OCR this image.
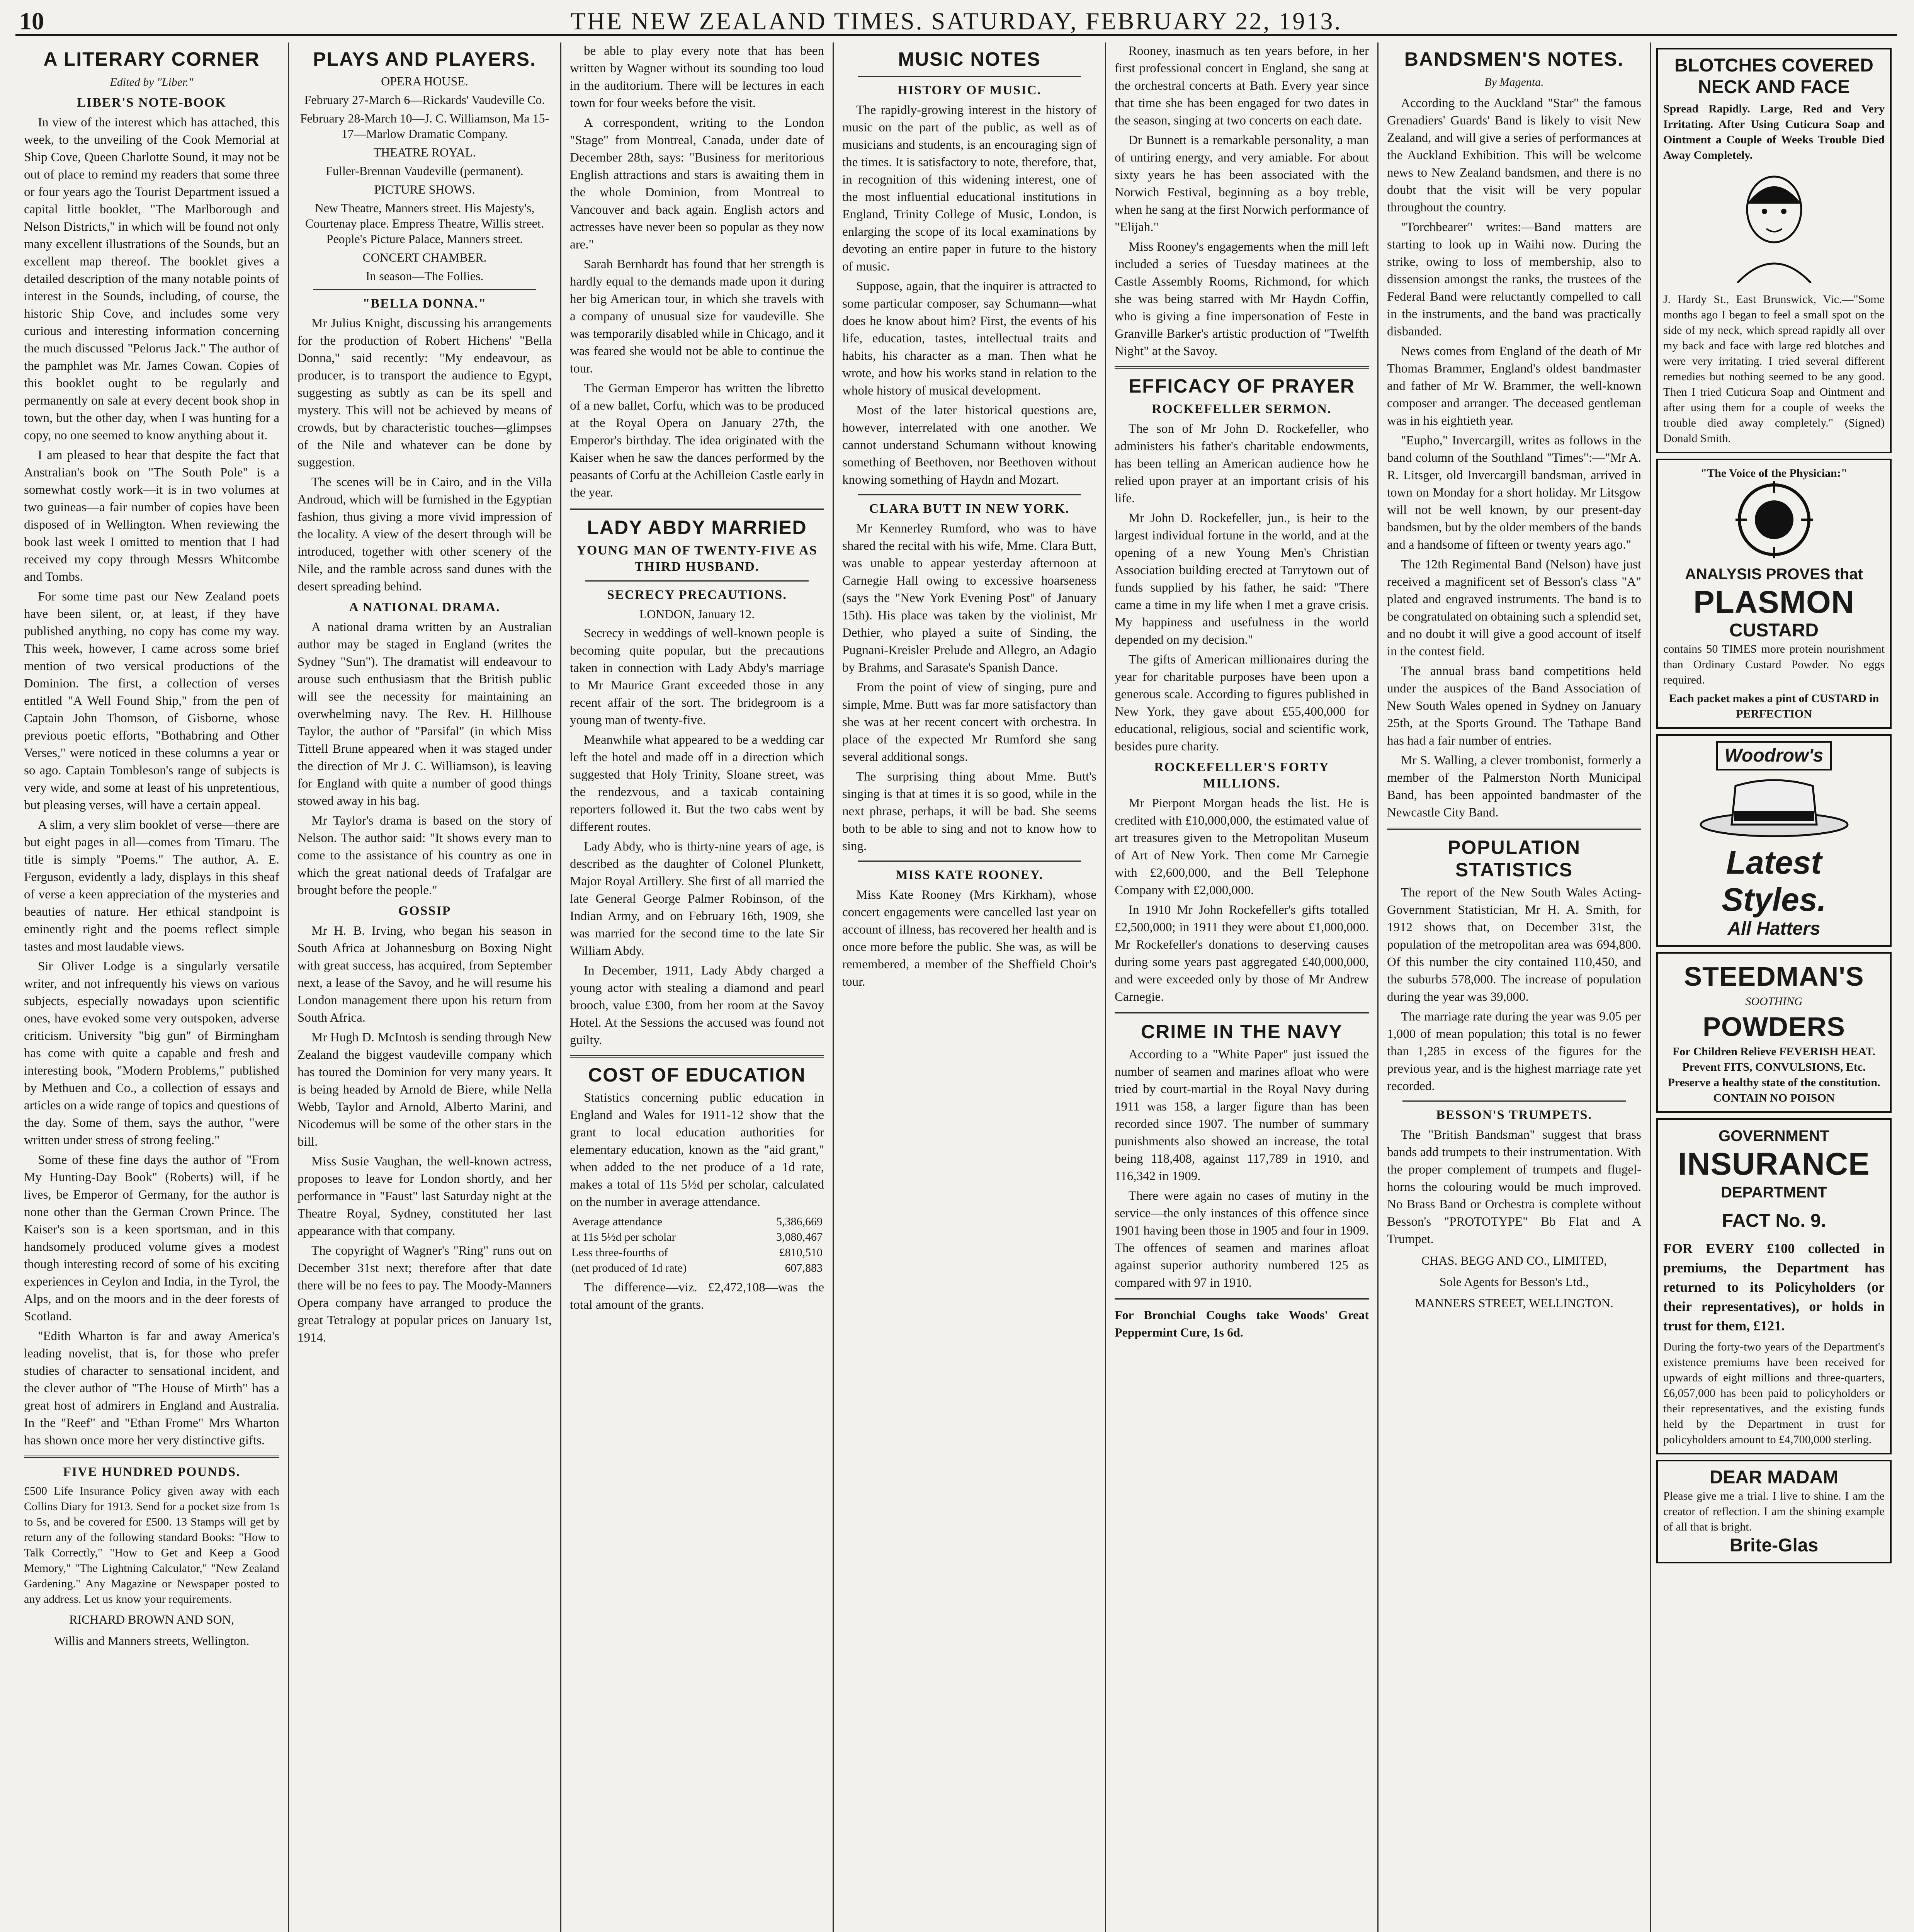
10	THE NEW ZEALAND TIMES. SATURDAY, FEBRUARY 22, 1913.
A LITERARY CORNER
Edited by "Liber."
LIBER'S NOTE-BOOK

In view of the interest which has attached, this week, to the unveiling of the Cook Memorial at Ship Cove, Queen Charlotte Sound, it may not be out of place to remind my readers that some three or four years ago the Tourist Department issued a capital little booklet, "The Marlborough and Nelson Districts," in which will be found not only many excellent illustrations of the Sounds, but an excellent map thereof. The booklet gives a detailed description of the many notable points of interest in the Sounds, including, of course, the historic Ship Cove, and includes some very curious and interesting information concerning the much discussed "Pelorus Jack." The author of the pamphlet was Mr. James Cowan. Copies of this booklet ought to be regularly and permanently on sale at every decent book shop in town, but the other day, when I was hunting for a copy, no one seemed to know anything about it.

I am pleased to hear that despite the fact that Anstralian's book on "The South Pole" is a somewhat costly work—it is in two volumes at two guineas—a fair number of copies have been disposed of in Wellington. When reviewing the book last week I omitted to mention that I had received my copy through Messrs Whitcombe and Tombs.

For some time past our New Zealand poets have been silent, or, at least, if they have published anything, no copy has come my way. This week, however, I came across some brief mention of two versical productions of the Dominion. The first, a collection of verses entitled "A Well Found Ship," from the pen of Captain John Thomson, of Gisborne, whose previous poetic efforts, "Bothabring and Other Verses," were noticed in these columns a year or so ago. Captain Tombleson's range of subjects is very wide, and some at least of his unpretentious, but pleasing verses, will have a certain appeal.

A slim, a very slim booklet of verse—there are but eight pages in all—comes from Timaru. The title is simply "Poems." The author, A. E. Ferguson, evidently a lady, displays in this sheaf of verse a keen appreciation of the mysteries and beauties of nature. Her ethical standpoint is eminently right and the poems reflect simple tastes and most laudable views.

Sir Oliver Lodge is a singularly versatile writer, and not infrequently his views on various subjects, especially nowadays upon scientific ones, have evoked some very outspoken, adverse criticism. University "big gun" of Birmingham has come with quite a capable and fresh and interesting book, "Modern Problems," published by Methuen and Co., a collection of essays and articles on a wide range of topics and questions of the day. Some of them, says the author, "were written under stress of strong feeling."

Some of these fine days the author of "From My Hunting-Day Book" (Roberts) will, if he lives, be Emperor of Germany, for the author is none other than the German Crown Prince. The Kaiser's son is a keen sportsman, and in this handsomely produced volume gives a modest though interesting record of some of his exciting experiences in Ceylon and India, in the Tyrol, the Alps, and on the moors and in the deer forests of Scotland.

"Edith Wharton is far and away America's leading novelist, that is, for those who prefer studies of character to sensational incident, and the clever author of "The House of Mirth" has a great host of admirers in England and Australia. In the "Reef" and "Ethan Frome" Mrs Wharton has shown once more her very distinctive gifts.

FIVE HUNDRED POUNDS.
£500 Life Insurance Policy given away with each Collins Diary for 1913. Send for a pocket size from 1s to 5s, and be covered for £500. 13 Stamps will get by return any of the following standard Books: "How to Talk Correctly," "How to Get and Keep a Good Memory," "The Lightning Calculator," "New Zealand Gardening." Any Magazine or Newspaper posted to any address. Let us know your requirements.
RICHARD BROWN AND SON,
Willis and Manners streets, Wellington.
PLAYS AND PLAYERS.
OPERA HOUSE.
February 27-March 6—Rickards' Vaudeville Co.
February 28-March 10—J. C. Williamson, Ma 15-17—Marlow Dramatic Company.
THEATRE ROYAL.
Fuller-Brennan Vaudeville (permanent).
PICTURE SHOWS.
New Theatre, Manners street. His Majesty's, Courtenay place. Empress Theatre, Willis street. People's Picture Palace, Manners street.
CONCERT CHAMBER.
In season—The Follies.
"BELLA DONNA."

Mr Julius Knight, discussing his arrangements for the production of Robert Hichens' "Bella Donna," said recently: "My endeavour, as producer, is to transport the audience to Egypt, suggesting as subtly as can be its spell and mystery. This will not be achieved by means of crowds, but by characteristic touches—glimpses of the Nile and whatever can be done by suggestion.

The scenes will be in Cairo, and in the Villa Androud, which will be furnished in the Egyptian fashion, thus giving a more vivid impression of the locality. A view of the desert through will be introduced, together with other scenery of the Nile, and the ramble across sand dunes with the desert spreading behind.

A NATIONAL DRAMA.

A national drama written by an Australian author may be staged in England (writes the Sydney "Sun"). The dramatist will endeavour to arouse such enthusiasm that the British public will see the necessity for maintaining an overwhelming navy. The Rev. H. Hillhouse Taylor, the author of "Parsifal" (in which Miss Tittell Brune appeared when it was staged under the direction of Mr J. C. Williamson), is leaving for England with quite a number of good things stowed away in his bag.

Mr Taylor's drama is based on the story of Nelson. The author said: "It shows every man to come to the assistance of his country as one in which the great national deeds of Trafalgar are brought before the people."

GOSSIP

Mr H. B. Irving, who began his season in South Africa at Johannesburg on Boxing Night with great success, has acquired, from September next, a lease of the Savoy, and he will resume his London management there upon his return from South Africa.

Mr Hugh D. McIntosh is sending through New Zealand the biggest vaudeville company which has toured the Dominion for very many years. It is being headed by Arnold de Biere, while Nella Webb, Taylor and Arnold, Alberto Marini, and Nicodemus will be some of the other stars in the bill.

Miss Susie Vaughan, the well-known actress, proposes to leave for London shortly, and her performance in "Faust" last Saturday night at the Theatre Royal, Sydney, constituted her last appearance with that company.

The copyright of Wagner's "Ring" runs out on December 31st next; therefore after that date there will be no fees to pay. The Moody-Manners Opera company have arranged to produce the great Tetralogy at popular prices on January 1st, 1914.

be able to play every note that has been written by Wagner without its sounding too loud in the auditorium. There will be lectures in each town for four weeks before the visit.

A correspondent, writing to the London "Stage" from Montreal, Canada, under date of December 28th, says: "Business for meritorious English attractions and stars is awaiting them in the whole Dominion, from Montreal to Vancouver and back again. English actors and actresses have never been so popular as they now are."

Sarah Bernhardt has found that her strength is hardly equal to the demands made upon it during her big American tour, in which she travels with a company of unusual size for vaudeville. She was temporarily disabled while in Chicago, and it was feared she would not be able to continue the tour.

The German Emperor has written the libretto of a new ballet, Corfu, which was to be produced at the Royal Opera on January 27th, the Emperor's birthday. The idea originated with the Kaiser when he saw the dances performed by the peasants of Corfu at the Achilleion Castle early in the year.

LADY ABDY MARRIED
YOUNG MAN OF TWENTY-FIVE AS THIRD HUSBAND.
SECRECY PRECAUTIONS.
LONDON, January 12.

Secrecy in weddings of well-known people is becoming quite popular, but the precautions taken in connection with Lady Abdy's marriage to Mr Maurice Grant exceeded those in any recent affair of the sort. The bridegroom is a young man of twenty-five.

Meanwhile what appeared to be a wedding car left the hotel and made off in a direction which suggested that Holy Trinity, Sloane street, was the rendezvous, and a taxicab containing reporters followed it. But the two cabs went by different routes.

Lady Abdy, who is thirty-nine years of age, is described as the daughter of Colonel Plunkett, Major Royal Artillery. She first of all married the late General George Palmer Robinson, of the Indian Army, and on February 16th, 1909, she was married for the second time to the late Sir William Abdy.

In December, 1911, Lady Abdy charged a young actor with stealing a diamond and pearl brooch, value £300, from her room at the Savoy Hotel. At the Sessions the accused was found not guilty.

COST OF EDUCATION

Statistics concerning public education in England and Wales for 1911-12 show that the grant to local education authorities for elementary education, known as the "aid grant," when added to the net produce of a 1d rate, makes a total of 11s 5½d per scholar, calculated on the number in average attendance.

Average attendance	5,386,669
at 11s 5½d per scholar	3,080,467
Less three-fourths of	£810,510
(net produced of 1d rate)	607,883

The difference—viz. £2,472,108—was the total amount of the grants.

MUSIC NOTES
HISTORY OF MUSIC.

The rapidly-growing interest in the history of music on the part of the public, as well as of musicians and students, is an encouraging sign of the times. It is satisfactory to note, therefore, that, in recognition of this widening interest, one of the most influential educational institutions in England, Trinity College of Music, London, is enlarging the scope of its local examinations by devoting an entire paper in future to the history of music.

Suppose, again, that the inquirer is attracted to some particular composer, say Schumann—what does he know about him? First, the events of his life, education, tastes, intellectual traits and habits, his character as a man. Then what he wrote, and how his works stand in relation to the whole history of musical development.

Most of the later historical questions are, however, interrelated with one another. We cannot understand Schumann without knowing something of Beethoven, nor Beethoven without knowing something of Haydn and Mozart.

CLARA BUTT IN NEW YORK.

Mr Kennerley Rumford, who was to have shared the recital with his wife, Mme. Clara Butt, was unable to appear yesterday afternoon at Carnegie Hall owing to excessive hoarseness (says the "New York Evening Post" of January 15th). His place was taken by the violinist, Mr Dethier, who played a suite of Sinding, the Pugnani-Kreisler Prelude and Allegro, an Adagio by Brahms, and Sarasate's Spanish Dance.

From the point of view of singing, pure and simple, Mme. Butt was far more satisfactory than she was at her recent concert with orchestra. In place of the expected Mr Rumford she sang several additional songs.

The surprising thing about Mme. Butt's singing is that at times it is so good, while in the next phrase, perhaps, it will be bad. She seems both to be able to sing and not to know how to sing.

MISS KATE ROONEY.

Miss Kate Rooney (Mrs Kirkham), whose concert engagements were cancelled last year on account of illness, has recovered her health and is once more before the public. She was, as will be remembered, a member of the Sheffield Choir's tour.

Rooney, inasmuch as ten years before, in her first professional concert in England, she sang at the orchestral concerts at Bath. Every year since that time she has been engaged for two dates in the season, singing at two concerts on each date.

Dr Bunnett is a remarkable personality, a man of untiring energy, and very amiable. For about sixty years he has been associated with the Norwich Festival, beginning as a boy treble, when he sang at the first Norwich performance of "Elijah."

Miss Rooney's engagements when the mill left included a series of Tuesday matinees at the Castle Assembly Rooms, Richmond, for which she was being starred with Mr Haydn Coffin, who is giving a fine impersonation of Feste in Granville Barker's artistic production of "Twelfth Night" at the Savoy.

EFFICACY OF PRAYER
ROCKEFELLER SERMON.

The son of Mr John D. Rockefeller, who administers his father's charitable endowments, has been telling an American audience how he relied upon prayer at an important crisis of his life.

Mr John D. Rockefeller, jun., is heir to the largest individual fortune in the world, and at the opening of a new Young Men's Christian Association building erected at Tarrytown out of funds supplied by his father, he said: "There came a time in my life when I met a grave crisis. My happiness and usefulness in the world depended on my decision."

The gifts of American millionaires during the year for charitable purposes have been upon a generous scale. According to figures published in New York, they gave about £55,400,000 for educational, religious, social and scientific work, besides pure charity.

ROCKEFELLER'S FORTY MILLIONS.

Mr Pierpont Morgan heads the list. He is credited with £10,000,000, the estimated value of art treasures given to the Metropolitan Museum of Art of New York. Then come Mr Carnegie with £2,600,000, and the Bell Telephone Company with £2,000,000.

In 1910 Mr John Rockefeller's gifts totalled £2,500,000; in 1911 they were about £1,000,000. Mr Rockefeller's donations to deserving causes during some years past aggregated £40,000,000, and were exceeded only by those of Mr Andrew Carnegie.

CRIME IN THE NAVY

According to a "White Paper" just issued the number of seamen and marines afloat who were tried by court-martial in the Royal Navy during 1911 was 158, a larger figure than has been recorded since 1907. The number of summary punishments also showed an increase, the total being 118,408, against 117,789 in 1910, and 116,342 in 1909.

There were again no cases of mutiny in the service—the only instances of this offence since 1901 having been those in 1905 and four in 1909. The offences of seamen and marines afloat against superior authority numbered 125 as compared with 97 in 1910.

For Bronchial Coughs take Woods' Great Peppermint Cure, 1s 6d.
BANDSMEN'S NOTES.
By Magenta.

According to the Auckland "Star" the famous Grenadiers' Guards' Band is likely to visit New Zealand, and will give a series of performances at the Auckland Exhibition. This will be welcome news to New Zealand bandsmen, and there is no doubt that the visit will be very popular throughout the country.

"Torchbearer" writes:—Band matters are starting to look up in Waihi now. During the strike, owing to loss of membership, also to dissension amongst the ranks, the trustees of the Federal Band were reluctantly compelled to call in the instruments, and the band was practically disbanded.

News comes from England of the death of Mr Thomas Brammer, England's oldest bandmaster and father of Mr W. Brammer, the well-known composer and arranger. The deceased gentleman was in his eightieth year.

"Eupho," Invercargill, writes as follows in the band column of the Southland "Times":—"Mr A. R. Litsger, old Invercargill bandsman, arrived in town on Monday for a short holiday. Mr Litsgow will not be well known, by our present-day bandsmen, but by the older members of the bands and a handsome of fifteen or twenty years ago."

The 12th Regimental Band (Nelson) have just received a magnificent set of Besson's class "A" plated and engraved instruments. The band is to be congratulated on obtaining such a splendid set, and no doubt it will give a good account of itself in the contest field.

The annual brass band competitions held under the auspices of the Band Association of New South Wales opened in Sydney on January 25th, at the Sports Ground. The Tathape Band has had a fair number of entries.

Mr S. Walling, a clever trombonist, formerly a member of the Palmerston North Municipal Band, has been appointed bandmaster of the Newcastle City Band.

POPULATION STATISTICS

The report of the New South Wales Acting-Government Statistician, Mr H. A. Smith, for 1912 shows that, on December 31st, the population of the metropolitan area was 694,800. Of this number the city contained 110,450, and the suburbs 578,000. The increase of population during the year was 39,000.

The marriage rate during the year was 9.05 per 1,000 of mean population; this total is no fewer than 1,285 in excess of the figures for the previous year, and is the highest marriage rate yet recorded.

BESSON'S TRUMPETS.

The "British Bandsman" suggest that brass bands add trumpets to their instrumentation. With the proper complement of trumpets and flugel-horns the colouring would be much improved. No Brass Band or Orchestra is complete without Besson's "PROTOTYPE" Bb Flat and A Trumpet.

CHAS. BEGG AND CO., LIMITED,
Sole Agents for Besson's Ltd.,
MANNERS STREET, WELLINGTON.
BLOTCHES COVERED NECK AND FACE
Spread Rapidly. Large, Red and Very Irritating. After Using Cuticura Soap and Ointment a Couple of Weeks Trouble Died Away Completely.
J. Hardy St., East Brunswick, Vic.—"Some months ago I began to feel a small spot on the side of my neck, which spread rapidly all over my back and face with large red blotches and were very irritating. I tried several different remedies but nothing seemed to be any good. Then I tried Cuticura Soap and Ointment and after using them for a couple of weeks the trouble died away completely." (Signed) Donald Smith.
"The Voice of the Physician:"
ANALYSIS PROVES that
PLASMON
CUSTARD
contains 50 TIMES more protein nourishment than Ordinary Custard Powder. No eggs required.
Each packet makes a pint of CUSTARD in PERFECTION
Woodrow's
Latest
Styles.
All Hatters
STEEDMAN'S
SOOTHING
POWDERS
For Children Relieve FEVERISH HEAT. Prevent FITS, CONVULSIONS, Etc. Preserve a healthy state of the constitution.
CONTAIN NO POISON
GOVERNMENT
INSURANCE
DEPARTMENT
FACT No. 9.
FOR EVERY £100 collected in premiums, the Department has returned to its Policyholders (or their representatives), or holds in trust for them, £121.
During the forty-two years of the Department's existence premiums have been received for upwards of eight millions and three-quarters, £6,057,000 has been paid to policyholders or their representatives, and the existing funds held by the Department in trust for policyholders amount to £4,700,000 sterling.
DEAR MADAM
Please give me a trial. I live to shine. I am the creator of reflection. I am the shining example of all that is bright.
Brite-Glas
